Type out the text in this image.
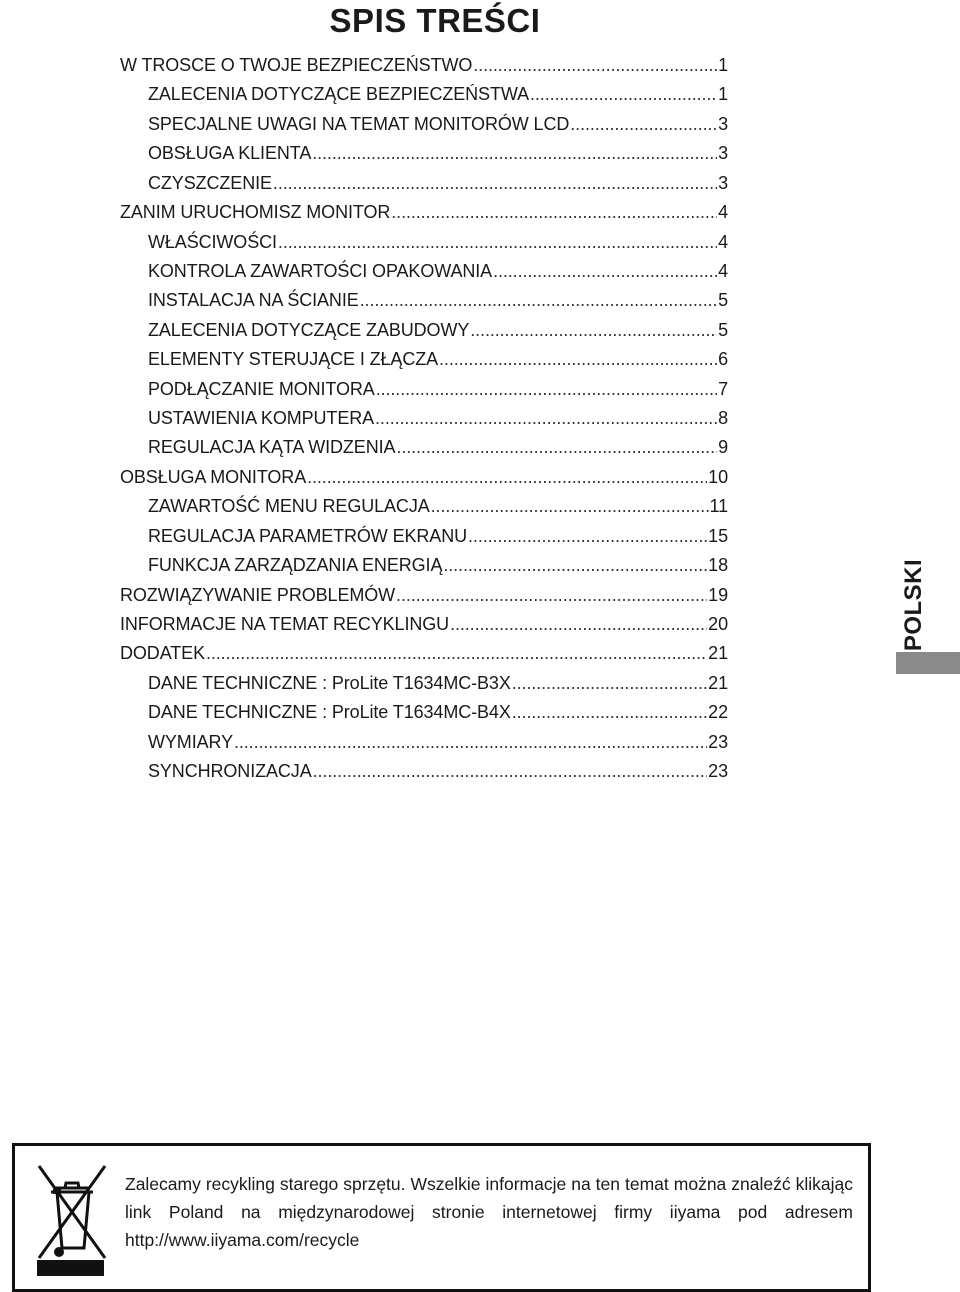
SPIS TREŚCI
W TROSCE O TWOJE BEZPIECZEŃSTWO .....	1
ZALECENIA DOTYCZĄCE BEZPIECZEŃSTWA .....	1
SPECJALNE UWAGI NA TEMAT MONITORÓW LCD .....	3
OBSŁUGA KLIENTA .....	3
CZYSZCZENIE .....	3
ZANIM URUCHOMISZ MONITOR .....	4
WŁAŚCIWOŚCI .....	4
KONTROLA ZAWARTOŚCI OPAKOWANIA .....	4
INSTALACJA NA ŚCIANIE .....	5
ZALECENIA DOTYCZĄCE ZABUDOWY .....	5
ELEMENTY STERUJĄCE I ZŁĄCZA .....	6
PODŁĄCZANIE MONITORA .....	7
USTAWIENIA KOMPUTERA .....	8
REGULACJA KĄTA WIDZENIA .....	9
OBSŁUGA MONITORA .....	10
ZAWARTOŚĆ MENU REGULACJA .....	11
REGULACJA PARAMETRÓW EKRANU .....	15
FUNKCJA ZARZĄDZANIA ENERGIĄ .....	18
ROZWIĄZYWANIE PROBLEMÓW .....	19
INFORMACJE NA TEMAT RECYKLINGU .....	20
DODATEK .....	21
DANE TECHNICZNE : ProLite T1634MC-B3X .....	21
DANE TECHNICZNE : ProLite T1634MC-B4X .....	22
WYMIARY .....	23
SYNCHRONIZACJA .....	23
POLSKI
Zalecamy recykling starego sprzętu. Wszelkie informacje na ten temat można znaleźć klikając link Poland na międzynarodowej stronie internetowej firmy iiyama pod adresem http://www.iiyama.com/recycle
